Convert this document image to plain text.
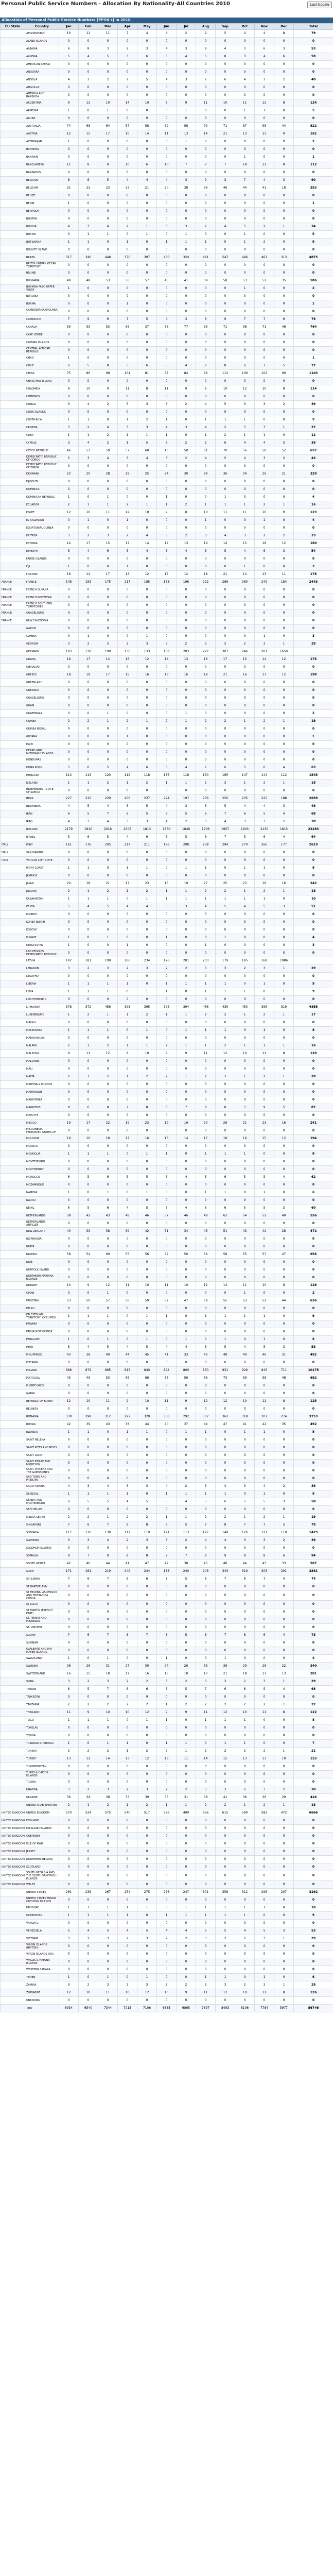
Personal Public Service Numbers - Allocation By Nationality-All Countries 2010	Last Update
Allocation of Personal Public Service Numbers [PPSN's] in 2010
EU State	Country	Jan	Feb	Mar	Apr	May	Jun	Jul	Aug	Sep	Oct	Nov	Dec	Total
	AFGHANISTAN	10	11	11	7	4	4	2	9	5	4	4	8	79
	ALAND ISLANDS	0	0	0	0	0	0	0	0	0	0	0	0	0
	ALBANIA	6	8	3	2	3	4	3	8	4	3	6	3	53
	ALGERIA	5	4	5	3	6	5	4	5	8	3	4	6	58
	AMERICAN SAMOA	0	0	0	0	0	0	0	0	0	0	0	0	0
	ANDORRA	0	0	0	0	0	0	0	0	0	0	0	0	0
	ANGOLA	4	3	2	2	5	4	3	2	6	4	3	2	40
	ANGUILLA	0	0	0	0	0	0	0	0	0	0	0	0	0
	ANTIGUA AND BARBUDA	0	0	0	0	0	0	0	0	0	0	0	0	0
	ARGENTINA	9	12	10	14	10	8	9	11	10	11	12	8	124
	ARMENIA	1	0	1	0	0	0	1	0	0	1	1	0	5
	ARUBA	0	0	0	0	0	0	0	0	0	0	0	0	0
	AUSTRALIA	74	68	64	57	58	69	56	79	71	87	95	44	822
	AUSTRIA	12	15	17	10	14	11	13	14	21	13	13	9	162
	AZERBAIJAN	1	0	0	0	0	0	1	0	0	0	0	0	2
	BAHAMAS	0	0	0	0	0	0	0	0	0	0	0	0	0
	BAHRAIN	0	0	0	0	0	0	0	0	0	1	0	0	1
	BANGLADESH	11	8	9	10	6	10	7	7	7	18	11	8	112
	BARBADOS	0	0	0	0	0	0	0	0	0	0	0	0	0
	BELARUS	8	6	5	4	4	4	3	9	3	7	4	3	60
	BELGIUM	21	22	23	23	21	20	38	36	46	44	41	18	353
	BELIZE	0	0	0	0	0	0	0	0	0	0	0	0	0
	BENIN	1	0	0	0	0	0	0	0	0	0	0	0	1
	BERMUDA	0	0	0	0	0	0	0	0	0	0	0	0	0
	BHUTAN	0	0	0	0	0	0	0	0	0	0	0	0	0
	BOLIVIA	4	3	4	2	1	3	3	2	4	5	2	1	34
	BOSNIA	0	1	1	0	1	0	1	0	0	1	0	0	5
	BOTSWANA	1	1	0	1	0	1	1	1	0	1	2	0	9
	BOUVET ISLAND	0	0	0	0	0	0	0	0	0	0	0	0	0
	BRAZIL	317	340	448	370	397	430	324	481	547	446	462	313	4875
	BRITISH INDIAN OCEAN TERRITORY	0	0	0	0	0	0	0	0	0	0	0	0	0
	BRUNEI	0	0	0	0	0	0	0	0	0	0	0	0	0
	BULGARIA	49	48	53	56	57	45	41	39	58	53	52	35	586
	BURKINA FASO UPPER VOLTA	1	0	0	0	0	0	0	0	0	1	0	0	2
	BURUNDI	0	0	0	0	0	0	0	0	0	0	0	0	0
	BURMA	0	0	0	1	0	0	0	0	0	0	0	0	1
	CAMBODIA(KAMPUCHEA)	0	0	0	0	0	0	0	0	0	0	0	0	0
	CAMEROON	7	9	6	7	5	4	3	6	9	7	7	6	76
	CANADA	59	55	53	65	37	63	77	69	71	98	71	46	764
	CAPE VERDE	0	0	0	0	0	0	0	0	0	0	0	0	0
	CAYMAN ISLANDS	0	0	0	0	0	0	0	0	0	0	0	0	0
	CENTRAL AFRICAN REPUBLIC	0	0	0	0	0	0	0	0	0	0	0	0	0
	CHAD	1	0	0	0	0	0	0	0	0	0	0	0	1
	CHILE	6	5	8	5	6	5	4	7	8	6	7	5	72
	CHINA	75	86	98	104	81	87	84	96	112	109	102	69	1103
	CHRISTMAS ISLAND	0	0	0	0	0	0	0	0	0	0	0	0	0
	COLOMBIA	8	10	9	11	8	11	9	8	10	12	10	8	114
	COMOROS	0	0	0	0	0	0	0	0	0	0	0	0	0
	CONGO	3	4	2	5	3	3	2	4	5	3	3	2	39
	COOK ISLANDS	0	0	0	0	0	0	0	0	0	0	0	0	0
	COSTA RICA	1	1	0	1	2	1	0	1	1	1	0	0	9
	CROATIA	3	2	4	3	3	4	3	4	2	5	3	1	37
	CUBA	1	1	2	1	1	1	0	1	2	1	1	0	12
	CYPRUS	3	4	2	1	5	3	2	2	6	4	4	3	39
	CZECH REPUBLIC	46	51	50	57	60	46	50	61	70	56	58	52	657
	DEMOCRATIC REPUBLIC OF CONGO	5	3	4	3	4	3	2	4	5	4	3	3	43
	DEMOCRATIC REPUBLIC OF TIMOR	0	0	0	0	0	0	0	0	0	0	0	0	0
	DENMARK	23	20	28	29	25	24	30	24	36	34	26	21	320
	DJIBOUTI	0	0	0	0	0	0	0	0	0	0	0	0	0
	DOMINICA	0	0	0	0	0	0	0	0	0	0	0	0	0
	DOMINICAN REPUBLIC	1	0	1	0	0	1	0	0	1	0	0	0	4
	ECUADOR	2	1	1	2	1	1	2	1	1	1	2	1	16
	EGYPT	12	10	11	12	10	9	8	10	11	11	10	9	123
	EL SALVADOR	0	1	0	1	0	0	0	1	0	0	1	0	4
	EQUATORIAL GUINEA	0	0	0	0	0	0	0	0	0	0	0	0	0
	ERITREA	3	2	3	2	4	3	2	3	4	3	2	2	33
	ESTONIA	14	17	15	17	14	12	13	19	14	15	18	12	180
	ETHIOPIA	5	4	6	5	4	3	4	5	5	4	6	3	54
	FAROE ISLANDS	0	0	0	0	0	0	0	0	0	0	0	0	0
	FIJI	1	0	0	1	0	0	0	0	0	1	0	0	3
	FINLAND	16	14	17	13	12	17	12	18	21	14	13	11	178
FRANCE	FRANCE	148	153	175	217	195	178	196	222	266	260	249	184	2443
FRANCE	FRENCH GUYANA	0	0	0	0	0	0	0	0	0	0	0	0	0
FRANCE	FRENCH POLYNESIA	0	0	0	0	0	0	0	0	0	0	0	0	0
FRANCE	FRENCH SOUTHERN TERRITORIES	0	0	0	0	0	0	0	0	0	0	0	0	0
FRANCE	GUADELOUPE	0	0	0	0	0	0	0	0	0	0	0	0	0
FRANCE	NEW CALEDONIA	0	0	0	0	0	0	0	0	0	0	0	0	0
	GABON	0	0	0	0	0	0	0	0	0	0	0	0	0
	GAMBIA	0	1	0	0	1	0	0	0	0	0	1	0	3
	GEORGIA	3	2	3	2	3	3	2	3	2	2	3	1	29
	GERMANY	193	138	199	136	133	138	203	222	307	246	201	1659	
	GHANA	16	17	14	15	12	14	13	16	17	15	14	12	175
	GIBRALTAR	0	0	0	0	0	0	0	0	0	0	0	0	0
	GREECE	18	19	17	15	16	13	16	18	21	16	17	12	198
	GREENLAND	0	0	0	0	0	0	0	0	0	0	0	0	0
	GRENADA	0	0	0	0	0	0	0	0	0	0	0	0	0
	GUADELOUPE	0	0	0	0	0	0	0	0	0	0	0	0	0
	GUAM	0	0	0	0	0	0	0	0	0	0	0	0	0
	GUATEMALA	0	0	1	0	0	0	1	0	0	0	0	0	2
	GUINEA	2	2	1	2	1	2	1	2	2	1	2	1	19
	GUINEA BISSAU	0	0	0	0	0	0	0	0	0	0	0	0	0
	GUYANA	0	0	0	1	0	0	0	0	0	0	0	0	1
	HAITI	0	0	0	0	0	0	0	0	0	0	0	0	0
	HEARD AND MCDONALD ISLANDS	0	0	0	0	0	0	0	0	0	0	0	0	0
	HONDURAS	0	0	0	0	0	0	0	0	0	0	0	0	0
	HONG KONG	5	6	5	4	6	5	4	7	6	5	6	4	63
	HUNGARY	110	113	120	112	118	136	118	150	165	147	144	112	1545
	ICELAND	1	1	2	1	2	1	1	2	3	1	2	1	18
	INDEPENDENT STATE OF SAMOA	0	0	0	0	0	0	0	0	0	0	0	0	0
	INDIA	227	215	229	206	237	224	197	236	250	235	225	188	2669
	INDONESIA	4	5	4	3	5	4	3	5	5	4	4	3	49
	IRAN	6	5	7	6	5	6	5	6	7	6	5	4	68
	IRAQ	4	3	4	3	3	4	2	3	4	3	3	2	38
	IRELAND	2179	1810	2016	2006	1813	1860	1848	1906	1957	1943	2130	1815	23283
	ISRAEL	5	6	5	4	6	5	5	6	7	5	6	4	64
ITALY	ITALY	161	176	205	217	211	196	208	238	294	270	266	177	2619
ITALY	SAN MARINO	0	0	0	0	0	0	0	0	0	0	0	0	0
ITALY	VATICAN CITY STATE	0	0	0	0	0	0	0	0	0	0	0	0	0
	IVORY COAST	1	1	0	1	1	0	1	1	0	1	1	0	8
	JAMAICA	0	0	0	0	0	0	0	0	0	0	0	0	0
	JAPAN	20	18	21	17	23	15	19	27	25	23	18	16	242
	JORDAN	2	1	2	1	2	1	1	2	2	1	2	1	18
	KAZAKHSTAN	1	1	1	0	1	1	1	1	1	1	1	0	10
	KENYA	5	4	5	4	4	5	3	4	5	4	5	3	51
	KIRIBATI	0	0	0	0	0	0	0	0	0	0	0	0	0
	KOREA NORTH	0	0	0	0	0	0	0	0	0	0	0	0	0
	KOSOVO	0	0	0	0	0	0	0	0	0	0	0	0	0
	KUWAIT	1	0	1	0	0	1	0	0	1	0	0	0	4
	KYRGYZSTAN	1	0	0	1	0	0	0	1	0	0	0	0	3
	LAO PEOPLES DEMOCRATIC REPUBLIC	0	0	0	0	0	0	0	0	0	0	0	0	0
	LATVIA	197	181	199	166	234	176	201	203	179	195	168	1986	
	LEBANON	3	2	3	2	3	2	2	3	3	2	3	1	29
	LESOTHO	0	0	0	0	0	0	0	0	0	0	0	0	0
	LIBERIA	1	1	1	1	0	1	1	1	1	0	1	0	9
	LIBYA	1	1	1	0	1	1	0	1	1	1	0	1	9
	LIECHTENSTEIN	0	0	0	0	0	0	0	0	0	0	0	0	0
	LITHUANIA	378	372	456	398	395	396	394	466	439	450	396	319	4859
	LUXEMBOURG	1	2	1	1	2	1	1	2	2	1	2	1	17
	MACAU	0	0	0	0	0	0	0	0	0	0	0	0	0
	MACEDONIA	1	1	1	0	1	0	1	1	1	0	1	0	8
	MADAGASCAR	0	0	0	0	0	0	0	0	0	0	0	0	0
	MALAWI	2	1	2	1	1	2	1	1	2	1	1	1	16
	MALAYSIA	9	11	12	8	10	9	9	11	12	10	11	8	120
	MALDIVES	0	0	0	0	0	0	0	0	0	0	0	0	0
	MALI	0	0	0	0	0	0	0	0	0	0	0	0	0
	MALTA	2	1	2	1	2	2	1	2	3	1	2	1	20
	MARSHALL ISLANDS	0	0	0	0	0	0	0	0	0	0	0	0	0
	MARTINIQUE	0	0	0	0	0	0	0	0	0	0	0	0	0
	MAURITANIA	0	0	0	0	0	0	0	0	0	0	0	0	0
	MAURITIUS	8	6	8	7	8	6	7	8	8	7	9	5	87
	MAYOTTE	0	0	0	0	0	0	0	0	0	0	0	0	0
	MEXICO	19	17	22	19	23	19	16	20	26	21	23	16	241
	MICRONESIA, FEDERATED STATES OF	0	0	0	0	0	0	0	0	0	0	0	0	0
	MOLDOVA	19	16	18	17	16	16	14	17	18	16	15	12	194
	MONACO	0	0	0	0	0	0	0	0	0	0	0	0	0
	MONGOLIA	1	1	1	0	1	1	0	1	1	1	0	0	8
	MONTENEGRO	0	0	0	0	0	0	0	0	0	0	0	0	0
	MONTSERRAT	0	0	0	0	0	0	0	0	0	0	0	0	0
	MOROCCO	6	5	6	5	5	6	4	5	6	5	5	4	62
	MOZAMBIQUE	0	0	0	0	0	0	0	0	0	0	0	0	0
	NAMIBIA	1	0	1	0	1	0	0	1	1	0	1	0	6
	NAURU	0	0	0	0	0	0	0	0	0	0	0	0	0
	NEPAL	6	5	6	4	5	5	4	6	6	5	5	3	60
	NETHERLANDS	38	42	43	48	46	37	46	48	62	54	52	40	556
	NETHERLANDS ANTILLES	0	0	0	0	0	0	0	0	0	0	0	0	0
	NEW ZEALAND	40	39	38	39	42	31	34	45	51	43	42	28	472
	NICARAGUA	0	0	0	0	0	0	0	0	0	0	0	0	0
	NIGER	0	0	0	0	0	0	0	0	0	0	0	0	0
	NIGERIA	58	54	60	55	56	52	50	54	58	55	57	47	656
	NIUE	0	0	0	0	0	0	0	0	0	0	0	0	0
	NORFOLK ISLAND	0	0	0	0	0	0	0	0	0	0	0	0	0
	NORTHERN MARIANA ISLANDS	0	0	0	0	0	0	0	0	0	0	0	0	0
	NORWAY	10	9	12	11	10	11	10	12	14	11	10	8	128
	OMAN	0	0	1	0	0	0	0	0	0	1	0	0	2
	PAKISTAN	53	50	57	56	59	52	47	58	55	53	52	44	636
	PALAU	0	0	0	0	0	0	0	0	0	0	0	0	0
	PALESTINIAN TERRITORY, OCCUPIED	1	1	1	0	1	1	0	1	1	1	1	0	9
	PANAMA	0	0	0	0	0	0	0	0	0	0	0	0	0
	PAPUA NEW GUINEA	0	0	0	0	0	0	0	0	0	0	0	0	0
	PARAGUAY	1	0	1	0	1	0	1	0	1	0	1	0	6
	PERU	5	4	5	4	5	4	4	5	5	4	5	3	53
	PHILIPPINES	43	38	40	44	45	41	33	43	48	40	46	31	492
	PITCAIRN	0	0	0	0	0	0	0	0	0	0	0	0	0
	POLAND	868	879	865	813	840	824	800	870	931	929	845	711	10175
	PORTUGAL	43	49	53	65	68	55	56	65	73	59	58	48	692
	PUERTO RICO	0	0	0	0	0	0	0	0	0	0	0	0	0
	QATAR	0	0	0	0	0	0	0	0	0	0	0	0	0
	REPUBLIC OF KOREA	12	10	11	9	10	11	9	12	12	10	11	8	125
	REUNION	0	0	0	0	0	0	0	0	0	0	0	0	0
	ROMANIA	330	298	312	297	320	306	292	337	362	318	307	274	3753
	RUSSIA	42	39	43	38	44	40	37	44	47	41	42	35	492
	RWANDA	1	1	0	1	1	0	1	1	0	1	1	0	8
	SAINT HELENA	0	0	0	0	0	0	0	0	0	0	0	0	0
	SAINT KITTS AND NEVIS	0	0	0	0	0	0	0	0	0	0	0	0	0
	SAINT LUCIA	0	0	0	0	0	0	0	0	0	0	0	0	0
	SAINT PIERRE AND MIQUELON	0	0	0	0	0	0	0	0	0	0	0	0	0
	SAINT VINCENT AND THE GRENADINES	0	0	0	0	0	0	0	0	0	0	0	0	0
	SAO TOME AND PRINCIPE	0	0	0	0	0	0	0	0	0	0	0	0	0
	SAUDI ARABIA	4	3	4	3	3	4	2	3	4	3	4	2	39
	SENEGAL	1	1	1	1	0	1	1	1	1	0	1	0	9
	SERBIA AND MONTENEGRO	6	5	5	4	5	5	4	5	6	5	5	3	58
	SEYCHELLES	0	0	0	0	0	0	0	0	0	0	0	0	0
	SIERRA LEONE	2	2	1	2	2	1	1	2	2	1	2	1	19
	SINGAPORE	7	6	7	6	8	6	5	7	8	7	7	5	79
	SLOVAKIA	117	116	139	117	119	121	113	127	149	126	121	110	1475
	SLOVENIA	3	3	4	2	3	3	2	4	4	3	3	2	36
	SOLOMON ISLANDS	0	0	0	0	0	0	0	0	0	0	0	0	0
	SOMALIA	9	7	9	8	8	7	7	8	9	8	8	6	94
	SOUTH AFRICA	42	40	44	41	47	42	38	45	48	44	43	33	507
	SPAIN	171	161	219	249	244	188	240	243	343	319	303	201	2881
	SRI LANKA	7	6	7	6	6	7	5	6	7	6	7	4	74
	ST BARTHELEMY	0	0	0	0	0	0	0	0	0	0	0	0	0
	ST HELENA, ASCENSION AND TRISTAN DA CUNHA	0	0	0	0	0	0	0	0	0	0	0	0	0
	ST LUCIA	0	0	0	0	0	0	0	0	0	0	0	0	0
	ST MARTIN (FRENCH PART)	0	0	0	0	0	0	0	0	0	0	0	0	0
	ST. PIERRE AND MIQUELON	0	0	0	0	0	0	0	0	0	0	0	0	0
	ST. VINCENT	0	0	0	0	0	0	0	0	0	0	0	0	0
	SUDAN	7	6	7	6	7	6	5	6	7	6	6	4	73
	SURINAM	0	0	0	0	0	0	0	0	0	0	0	0	0
	SVALBARD AND JAN MAYEN ISLANDS	0	0	0	0	0	0	0	0	0	0	0	0	0
	SWAZILAND	1	0	1	0	0	1	0	0	1	0	0	0	4
	SWEDEN	26	26	31	27	30	24	26	33	38	29	28	22	340
	SWITZERLAND	16	15	18	17	16	15	18	17	21	18	17	13	201
	SYRIA	3	2	3	2	2	3	2	3	3	2	3	1	29
	TAIWAN	6	5	7	6	6	5	5	7	6	6	5	4	68
	TAJIKISTAN	0	0	0	0	0	0	0	0	0	0	0	0	0
	TANZANIA	2	2	2	2	2	1	2	2	2	2	2	1	22
	THAILAND	11	9	10	10	12	9	9	11	12	10	11	8	122
	TOGO	1	1	1	0	1	1	0	1	1	1	0	0	8
	TOKELAU	0	0	0	0	0	0	0	0	0	0	0	0	0
	TONGA	0	0	0	0	0	0	0	0	0	0	0	0	0
	TRINIDAD & TOBAGO	1	0	1	1	0	1	1	0	1	1	0	0	7
	TUNISIA	2	2	2	1	2	2	1	2	2	2	2	1	21
	TURKEY	13	12	14	13	12	13	11	14	15	13	13	10	153
	TURKMENISTAN	0	0	0	0	0	0	0	0	0	0	0	0	0
	TURKS & CAICOS ISLANDS	0	0	0	0	0	0	0	0	0	0	0	0	0
	TUVALU	0	0	0	0	0	0	0	0	0	0	0	0	0
	UGANDA	3	2	3	2	3	2	2	3	3	2	3	2	30
	UKRAINE	36	34	38	33	39	35	31	38	41	36	36	29	426
	UNITED ARAB EMIRATES	2	1	2	1	2	1	1	2	2	1	2	1	18
UNITED KINGDOM	UNITED KINGDOM	570	524	575	540	517	526	499	656	615	590	582	472	6666
UNITED KINGDOM	ENGLAND	0	0	0	0	0	0	0	0	0	0	0	0	0
UNITED KINGDOM	FALKLAND ISLANDS	0	0	0	0	0	0	0	0	0	0	0	0	0
UNITED KINGDOM	GUERNSEY	0	0	0	0	0	0	0	0	0	0	0	0	0
UNITED KINGDOM	ISLE OF MAN	0	0	0	0	0	0	0	0	0	0	0	0	0
UNITED KINGDOM	JERSEY	0	0	0	0	0	0	0	0	0	0	0	0	0
UNITED KINGDOM	NORTHERN IRELAND	0	0	0	0	0	0	0	0	0	0	0	0	0
UNITED KINGDOM	SCOTLAND	0	0	0	0	0	0	0	0	0	0	0	0	0
UNITED KINGDOM	SOUTH GEORGIA AND THE SOUTH SANDWICH ISLANDS	0	0	0	0	0	0	0	0	0	0	0	0	0
UNITED KINGDOM	WALES	0	0	0	0	0	0	0	0	0	0	0	0	0
	UNITED STATES	261	238	267	254	275	276	247	301	358	312	296	207	3292
	UNITED STATES MINOR OUTLYING ISLANDS	0	0	0	0	0	0	0	0	0	0	0	0	0
	URUGUAY	1	1	1	1	1	0	1	1	1	1	1	0	10
	UZBEKISTAN	1	1	1	1	0	1	1	1	1	1	0	0	9
	VANUATU	0	0	0	0	0	0	0	0	0	0	0	0	0
	VENEZUELA	5	4	5	4	5	4	4	5	5	4	5	3	53
	VIETNAM	3	2	3	2	3	2	2	3	3	2	3	1	29
	VIRGIN ISLANDS (BRITISH)	0	0	0	0	0	0	0	0	0	0	0	0	0
	VIRGIN ISLANDS (US)	0	0	0	0	0	0	0	0	0	0	0	0	0
	WALLIS & FUTUNA ISLANDS	0	0	0	0	0	0	0	0	0	0	0	0	0
	WESTERN SAHARA	0	0	0	0	0	0	0	0	0	0	0	0	0
	YEMEN	1	0	1	0	1	0	0	1	1	0	1	0	6
	ZAMBIA	3	2	3	2	3	2	2	3	3	2	3	1	29
	ZIMBABWE	12	10	11	10	12	10	9	11	12	10	11	8	126
	UNKNOWN	0	0	0	0	0	0	0	0	0	0	0	0	0
	Total	6934	6540	7344	7015	7106	6885	6865	7697	8493	8106	7784	5977	86746
